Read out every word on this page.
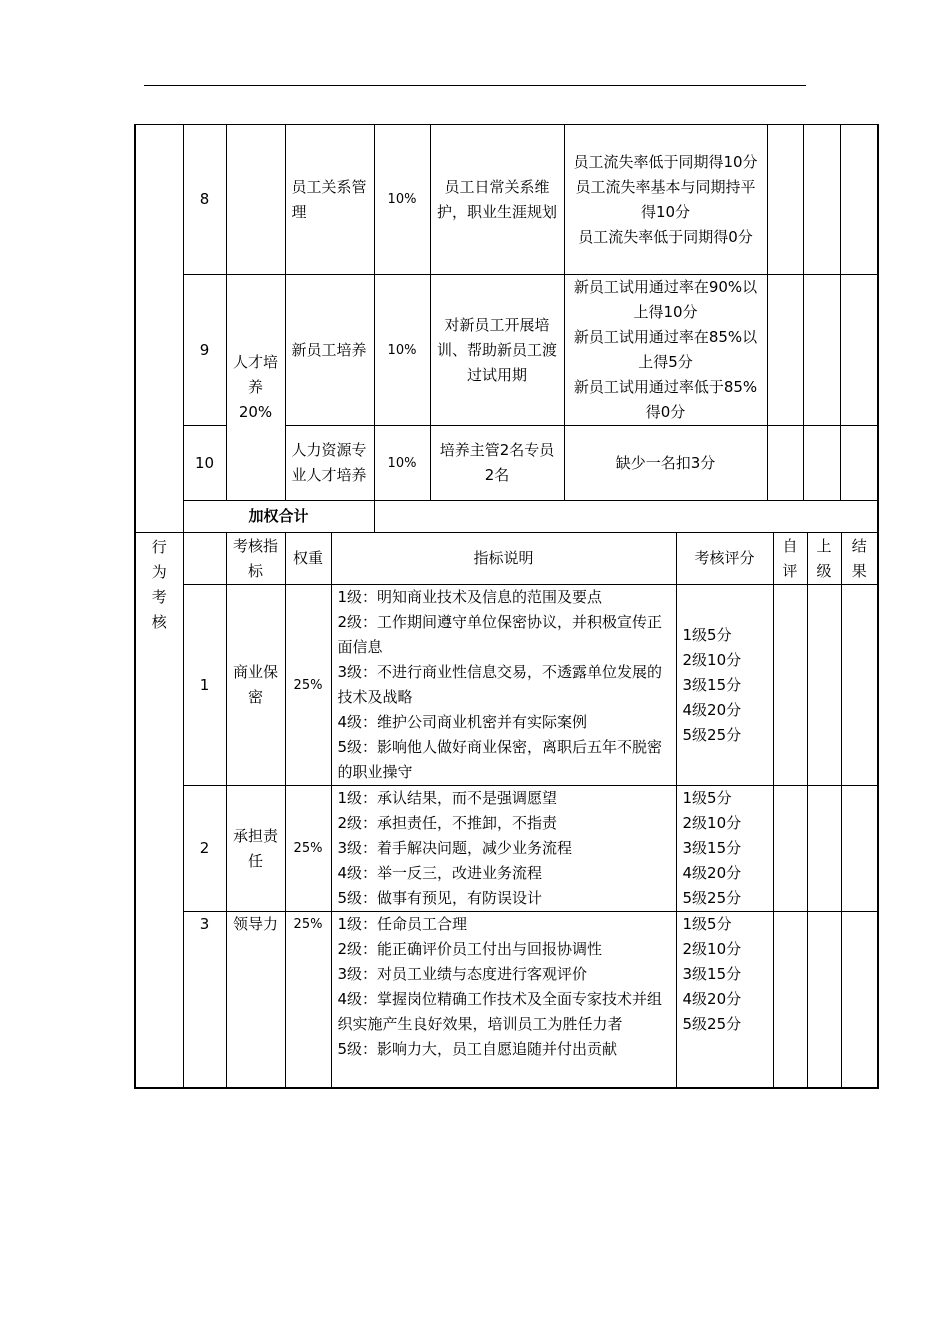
	8		员工关系管理	10%	员工日常关系维护，职业生涯规划	员工流失率低于同期得10分
员工流失率基本与同期持平得10分
员工流失率低于同期得0分			

	9	人才培养20%	新员工培养	10%	对新员工开展培训、帮助新员工渡过试用期	新员工试用通过率在90%以上得10分
新员工试用通过率在85%以上得5分
新员工试用通过率低于85%得0分			

	10		人力资源专业人才培养	10%	培养主管2名专员2名	缺少一名扣3分			
	加权合计								
行为考核		考核指标	权重	指标说明	考核评分	自评	上级	结果
	1	商业保密	25%	1级：明知商业技术及信息的范围及要点
2级：工作期间遵守单位保密协议，并积极宣传正面信息
3级：不进行商业性信息交易，不透露单位发展的技术及战略
4级：维护公司商业机密并有实际案例
5级：影响他人做好商业保密，离职后五年不脱密的职业操守	1级5分
2级10分
3级15分
4级20分
5级25分			

	2	承担责任	25%	1级：承认结果，而不是强调愿望
2级：承担责任，不推卸，不指责
3级：着手解决问题，减少业务流程
4级：举一反三，改进业务流程
5级：做事有预见，有防误设计	1级5分
2级10分
3级15分
4级20分
5级25分			

	3	领导力	25%	1级：任命员工合理
2级：能正确评价员工付出与回报协调性
3级：对员工业绩与态度进行客观评价
4级：掌握岗位精确工作技术及全面专家技术并组织实施产生良好效果，培训员工为胜任力者
5级：影响力大，员工自愿追随并付出贡献	1级5分
2级10分
3级15分
4级20分
5级25分			
